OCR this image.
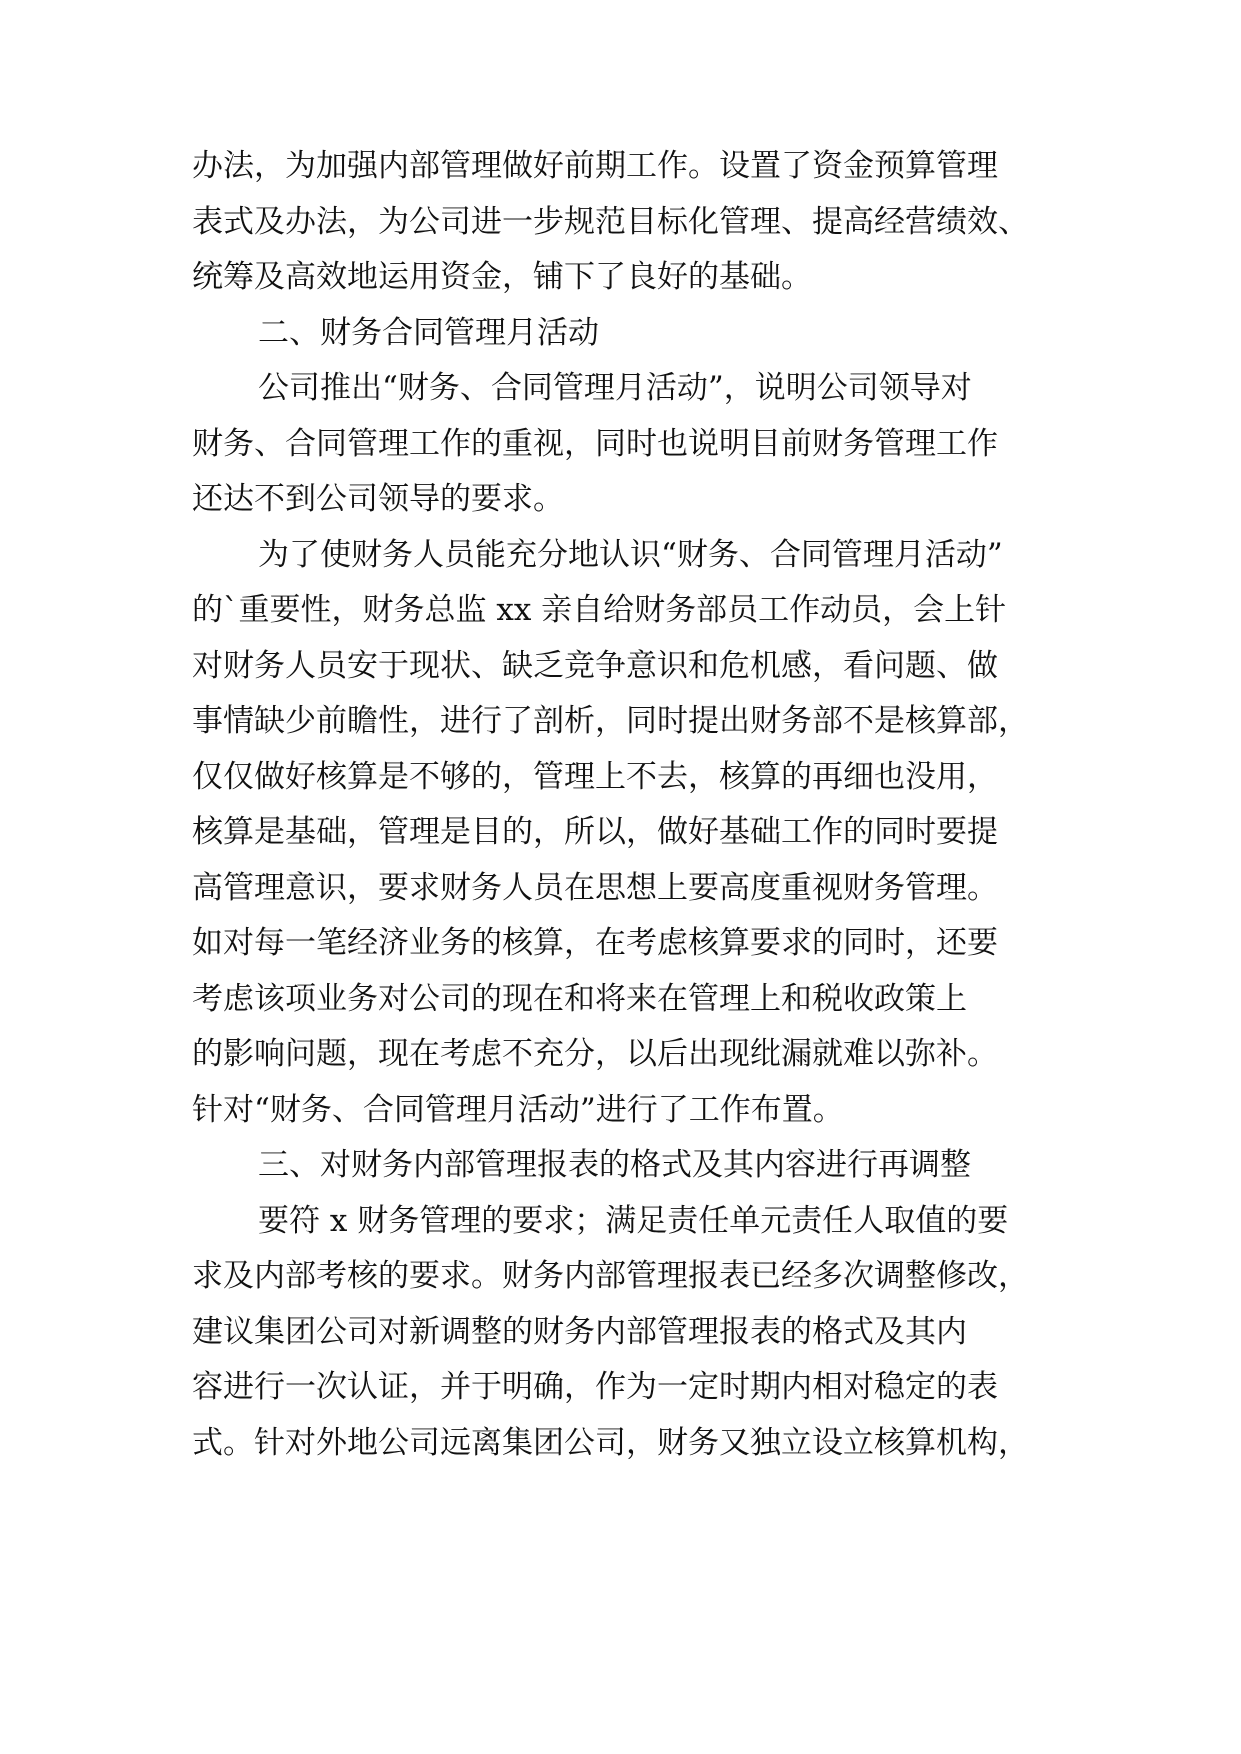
办法，为加强内部管理做好前期工作。设置了资金预算管理

表式及办法，为公司进一步规范目标化管理、提高经营绩效、

统筹及高效地运用资金，铺下了良好的基础。

二、财务合同管理月活动

公司推出“财务、合同管理月活动”，说明公司领导对

财务、合同管理工作的重视，同时也说明目前财务管理工作

还达不到公司领导的要求。

为了使财务人员能充分地认识“财务、合同管理月活动”

的`重要性，财务总监 xx 亲自给财务部员工作动员，会上针

对财务人员安于现状、缺乏竞争意识和危机感，看问题、做

事情缺少前瞻性，进行了剖析，同时提出财务部不是核算部，

仅仅做好核算是不够的，管理上不去，核算的再细也没用，

核算是基础，管理是目的，所以，做好基础工作的同时要提

高管理意识，要求财务人员在思想上要高度重视财务管理。

如对每一笔经济业务的核算，在考虑核算要求的同时，还要

考虑该项业务对公司的现在和将来在管理上和税收政策上

的影响问题，现在考虑不充分，以后出现纰漏就难以弥补。

针对“财务、合同管理月活动”进行了工作布置。

三、对财务内部管理报表的格式及其内容进行再调整

要符 x 财务管理的要求；满足责任单元责任人取值的要

求及内部考核的要求。财务内部管理报表已经多次调整修改，

建议集团公司对新调整的财务内部管理报表的格式及其内

容进行一次认证，并于明确，作为一定时期内相对稳定的表

式。针对外地公司远离集团公司，财务又独立设立核算机构，
